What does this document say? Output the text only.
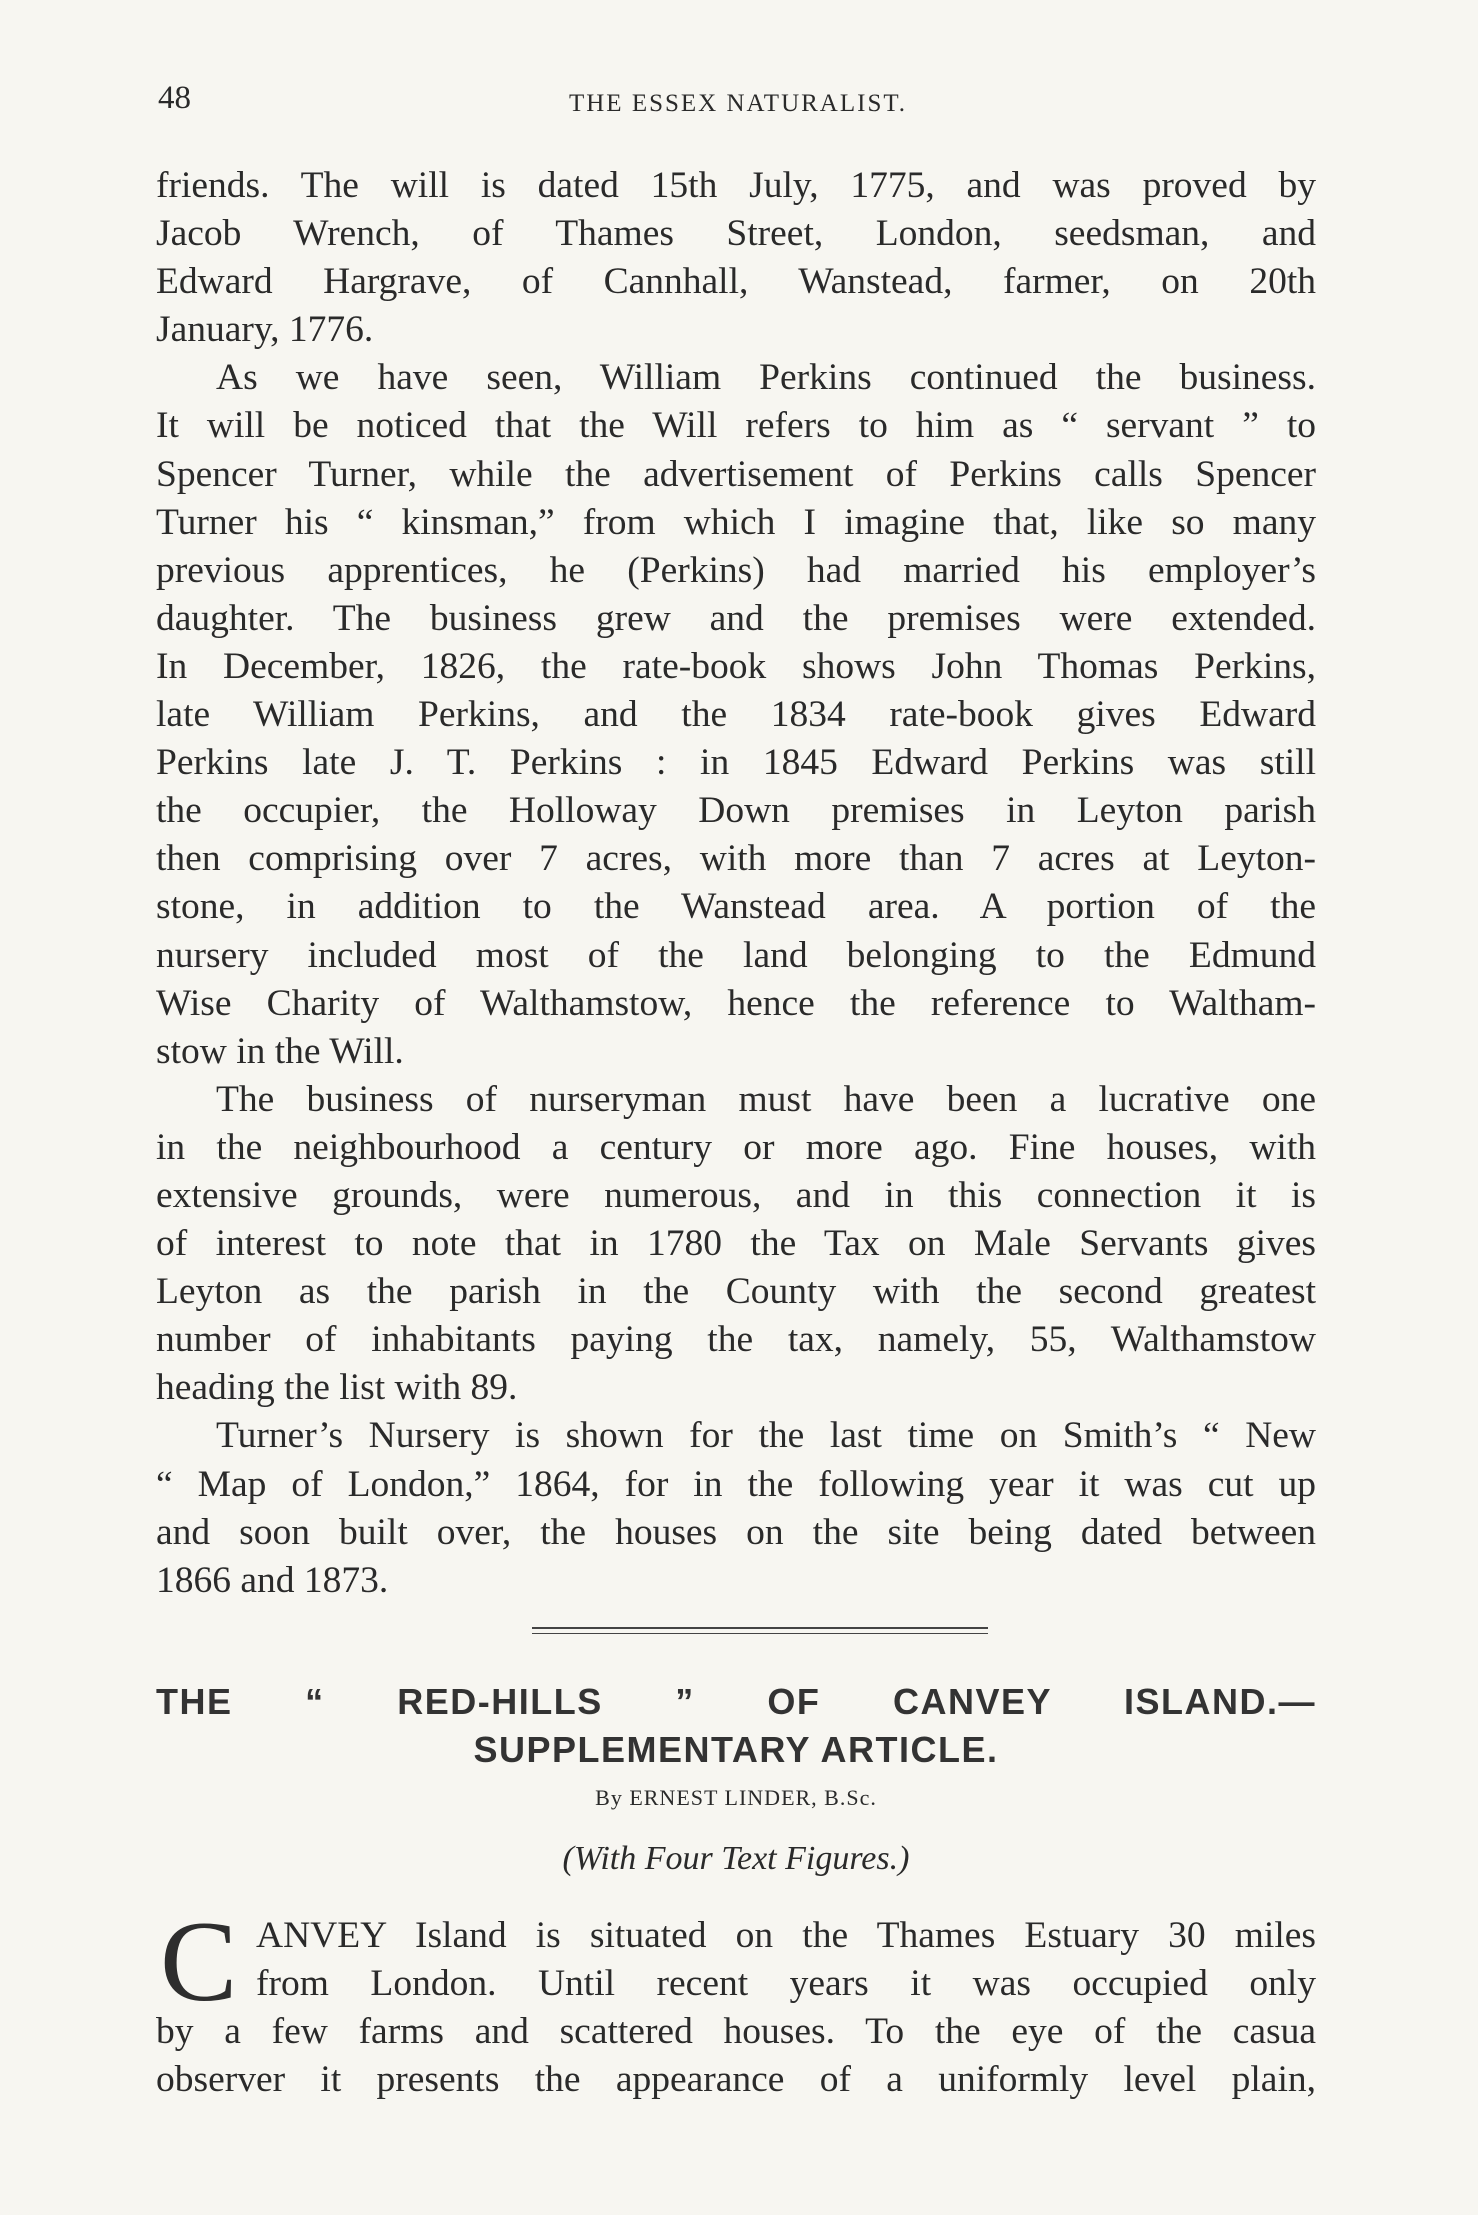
48	THE ESSEX NATURALIST.
friends. The will is dated 15th July, 1775, and was proved by
Jacob Wrench, of Thames Street, London, seedsman, and
Edward Hargrave, of Cannhall, Wanstead, farmer, on 20th
January, 1776.
As we have seen, William Perkins continued the business.
It will be noticed that the Will refers to him as “ servant ” to
Spencer Turner, while the advertisement of Perkins calls Spencer
Turner his “ kinsman,” from which I imagine that, like so many
previous apprentices, he (Perkins) had married his employer’s
daughter. The business grew and the premises were extended.
In December, 1826, the rate-book shows John Thomas Perkins,
late William Perkins, and the 1834 rate-book gives Edward
Perkins late J. T. Perkins : in 1845 Edward Perkins was still
the occupier, the Holloway Down premises in Leyton parish
then comprising over 7 acres, with more than 7 acres at Leyton-
stone, in addition to the Wanstead area. A portion of the
nursery included most of the land belonging to the Edmund
Wise Charity of Walthamstow, hence the reference to Waltham-
stow in the Will.
The business of nurseryman must have been a lucrative one
in the neighbourhood a century or more ago. Fine houses, with
extensive grounds, were numerous, and in this connection it is
of interest to note that in 1780 the Tax on Male Servants gives
Leyton as the parish in the County with the second greatest
number of inhabitants paying the tax, namely, 55, Walthamstow
heading the list with 89.
Turner’s Nursery is shown for the last time on Smith’s “ New
“ Map of London,” 1864, for in the following year it was cut up
and soon built over, the houses on the site being dated between
1866 and 1873.
THE “ RED-HILLS ” OF CANVEY ISLAND.—
SUPPLEMENTARY ARTICLE.
By ERNEST LINDER, B.Sc.
(With Four Text Figures.)
C ANVEY Island is situated on the Thames Estuary 30 miles
from London. Until recent years it was occupied only
by a few farms and scattered houses. To the eye of the casua
observer it presents the appearance of a uniformly level plain,
